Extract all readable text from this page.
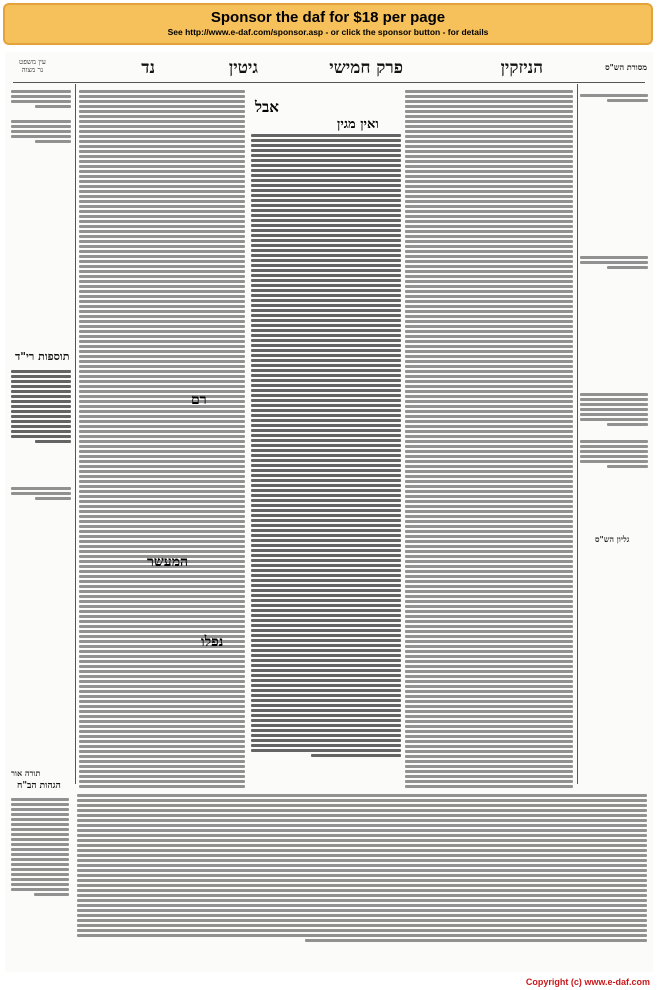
Sponsor the daf for $18 per page
See http://www.e-daf.com/sponsor.asp - or click the sponsor button - for details
מסורת הש"ס
הניזקין
פרק חמישי
גיטין
נד
עין משפט
נר מצוה
גליון הש"ס
תוספות רי"ד
הגהות הב"ח
ואין מגין
אבל
רם
המעשר
נפלו
תורה אור
Copyright (c) www.e-daf.com
